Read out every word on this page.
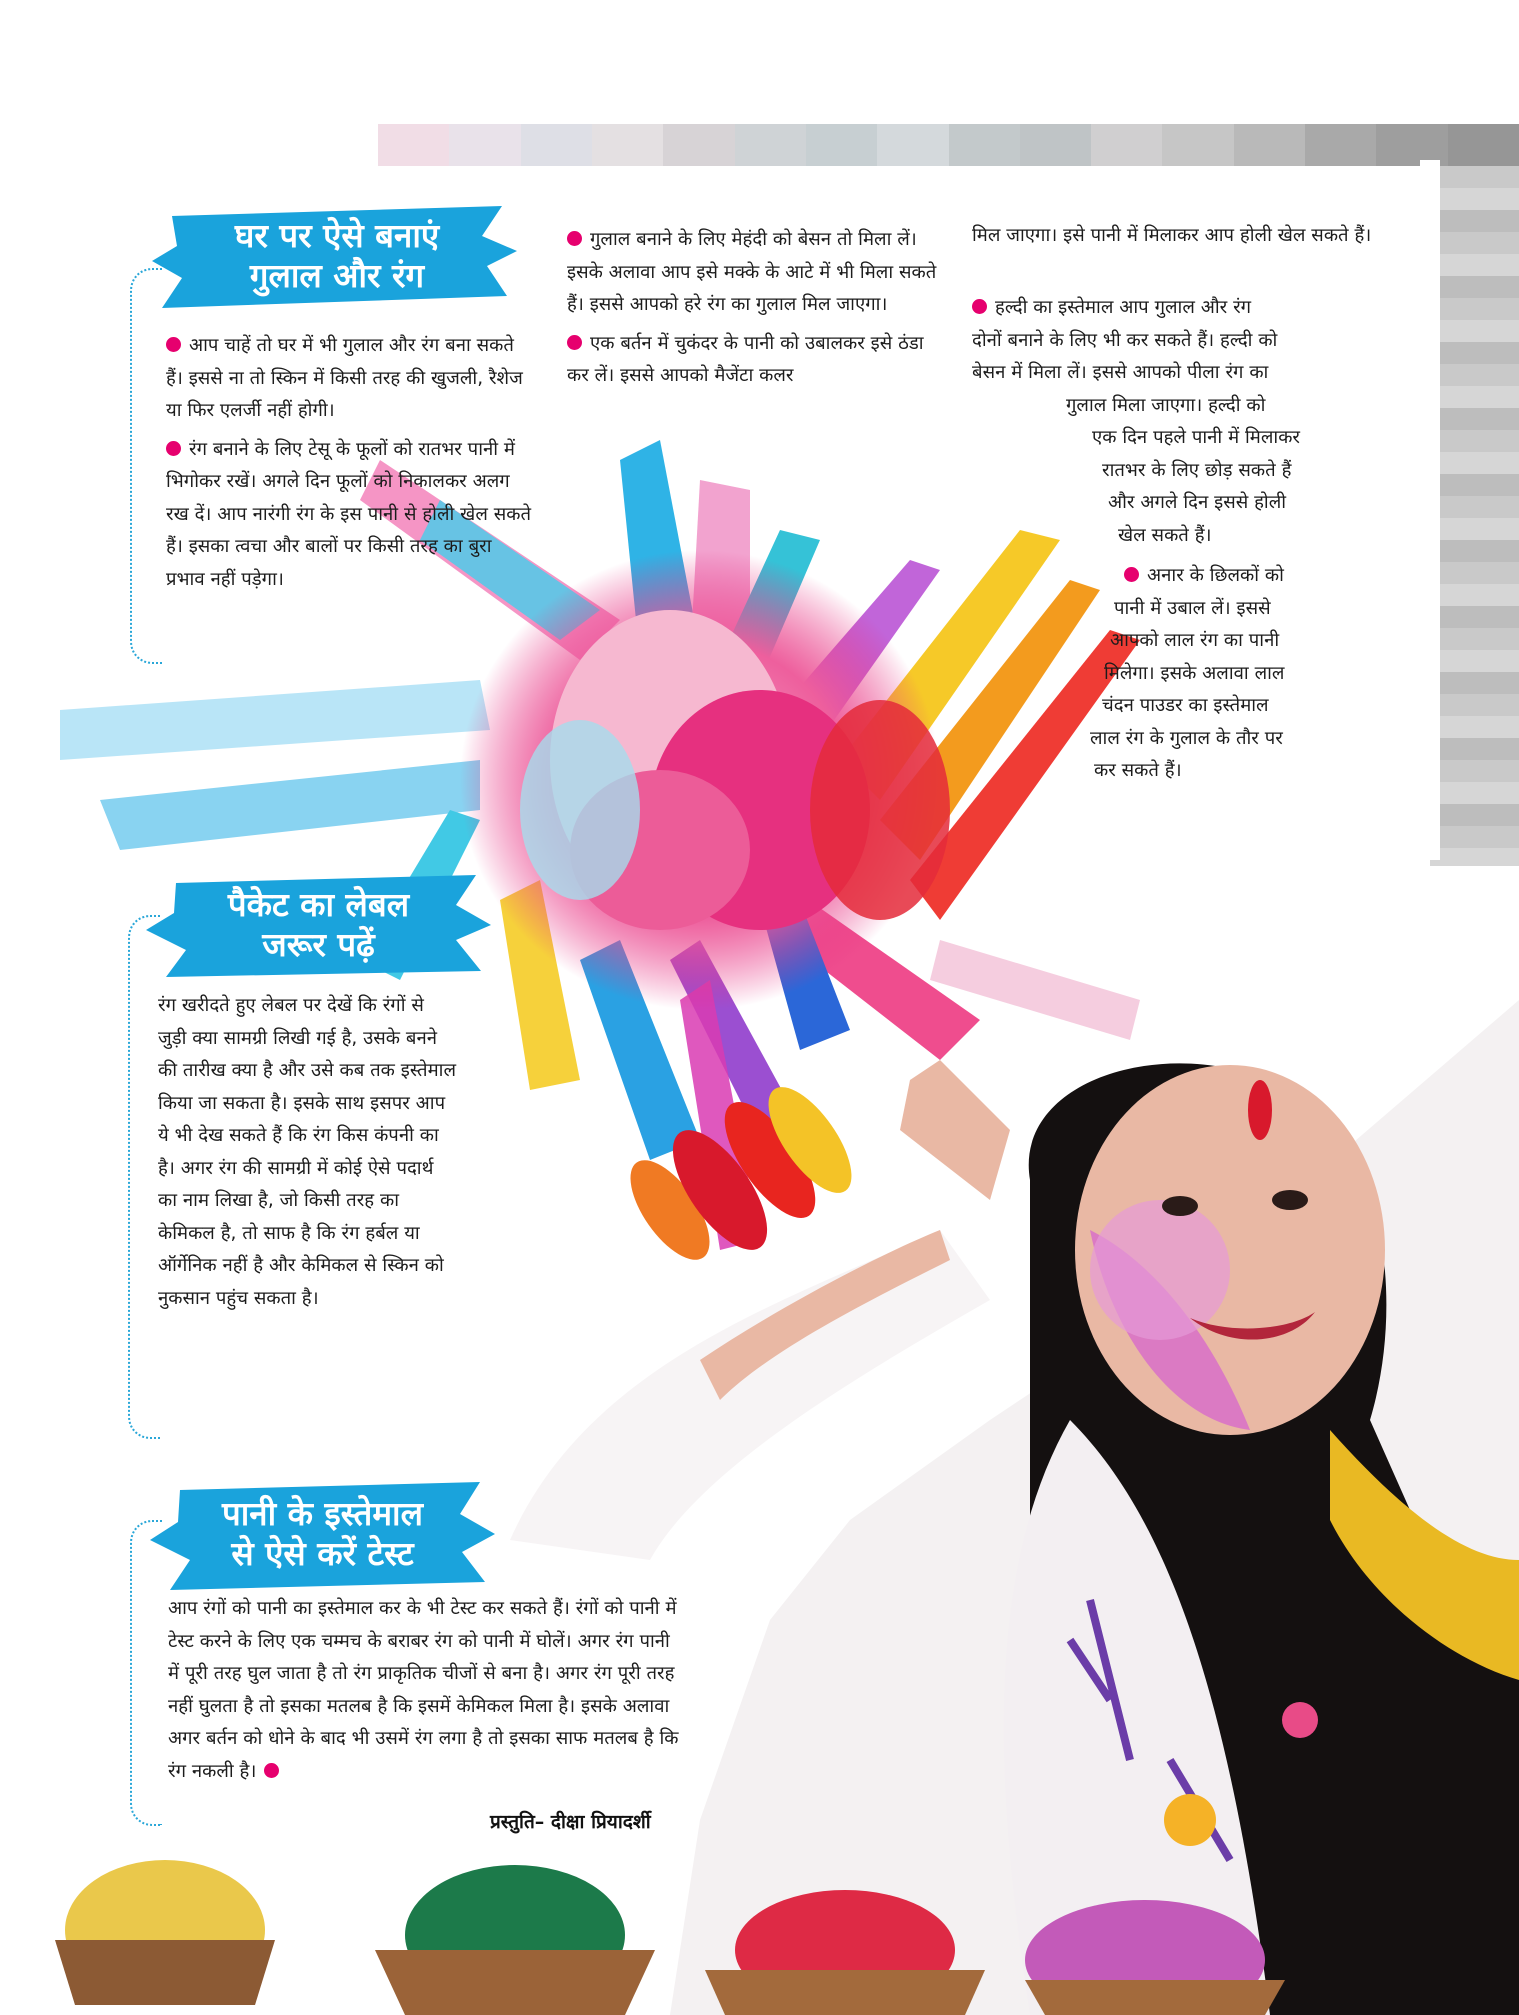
घर पर ऐसे बनाएं
गुलाल और रंग

आप चाहें तो घर में भी गुलाल और रंग बना सकते हैं। इससे ना तो स्किन में किसी तरह की खुजली, रैशेज या फिर एलर्जी नहीं होगी।

रंग बनाने के लिए टेसू के फूलों को रातभर पानी में भिगोकर रखें। अगले दिन फूलों को निकालकर अलग रख दें। आप नारंगी रंग के इस पानी से होली खेल सकते हैं। इसका त्वचा और बालों पर किसी तरह का बुरा प्रभाव नहीं पड़ेगा।

गुलाल बनाने के लिए मेहंदी को बेसन तो मिला लें। इसके अलावा आप इसे मक्के के आटे में भी मिला सकते हैं। इससे आपको हरे रंग का गुलाल मिल जाएगा।

एक बर्तन में चुकंदर के पानी को उबालकर इसे ठंडा कर लें। इससे आपको मैजेंटा कलर

मिल जाएगा। इसे पानी में मिलाकर आप होली खेल सकते हैं।

हल्दी का इस्तेमाल आप गुलाल और रंग
दोनों बनाने के लिए भी कर सकते हैं। हल्दी को
बेसन में मिला लें। इससे आपको पीला रंग का
गुलाल मिला जाएगा। हल्दी को
एक दिन पहले पानी में मिलाकर
रातभर के लिए छोड़ सकते हैं
और अगले दिन इससे होली
खेल सकते हैं।
अनार के छिलकों को
पानी में उबाल लें। इससे
आपको लाल रंग का पानी
मिलेगा। इसके अलावा लाल
चंदन पाउडर का इस्तेमाल
लाल रंग के गुलाल के तौर पर
कर सकते हैं।
पैकेट का लेबल
जरूर पढ़ें

रंग खरीदते हुए लेबल पर देखें कि रंगों से जुड़ी क्या सामग्री लिखी गई है, उसके बनने की तारीख क्या है और उसे कब तक इस्तेमाल किया जा सकता है। इसके साथ इसपर आप ये भी देख सकते हैं कि रंग किस कंपनी का है। अगर रंग की सामग्री में कोई ऐसे पदार्थ का नाम लिखा है, जो किसी तरह का केमिकल है, तो साफ है कि रंग हर्बल या ऑर्गेनिक नहीं है और केमिकल से स्किन को नुकसान पहुंच सकता है।

पानी के इस्तेमाल
से ऐसे करें टेस्ट

आप रंगों को पानी का इस्तेमाल कर के भी टेस्ट कर सकते हैं। रंगों को पानी में टेस्ट करने के लिए एक चम्मच के बराबर रंग को पानी में घोलें। अगर रंग पानी में पूरी तरह घुल जाता है तो रंग प्राकृतिक चीजों से बना है। अगर रंग पूरी तरह नहीं घुलता है तो इसका मतलब है कि इसमें केमिकल मिला है। इसके अलावा अगर बर्तन को धोने के बाद भी उसमें रंग लगा है तो इसका साफ मतलब है कि रंग नकली है।

प्रस्तुति– दीक्षा प्रियादर्शी
